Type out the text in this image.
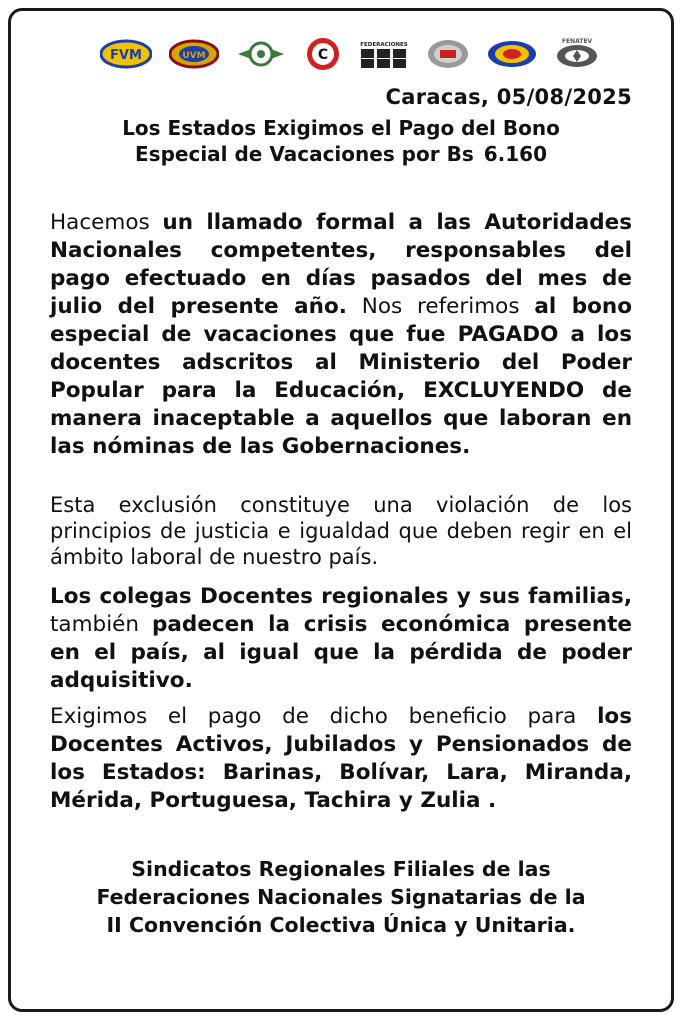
FVM	UVM	C
FEDERACIONES	FENATEV
Caracas, 05/08/2025
Los Estados Exigimos el Pago del Bono
Especial de Vacaciones por Bs 6.160

Hacemos un llamado formal a las Autoridades Nacionales competentes, responsables del pago efectuado en días pasados del mes de julio del presente año. Nos referimos al bono especial de vacaciones que fue PAGADO a los docentes adscritos al Ministerio del Poder Popular para la Educación, EXCLUYENDO de manera inaceptable a aquellos que laboran en las nóminas de las Gobernaciones.

Esta exclusión constituye una violación de los principios de justicia e igualdad que deben regir en el ámbito laboral de nuestro país.

Los colegas Docentes regionales y sus familias, también padecen la crisis económica presente en el país, al igual que la pérdida de poder adquisitivo.

Exigimos el pago de dicho beneficio para los Docentes Activos, Jubilados y Pensionados de los Estados: Barinas, Bolívar, Lara, Miranda, Mérida, Portuguesa, Tachira y Zulia .

Sindicatos Regionales Filiales de las
Federaciones Nacionales Signatarias de la
II Convención Colectiva Única y Unitaria.
